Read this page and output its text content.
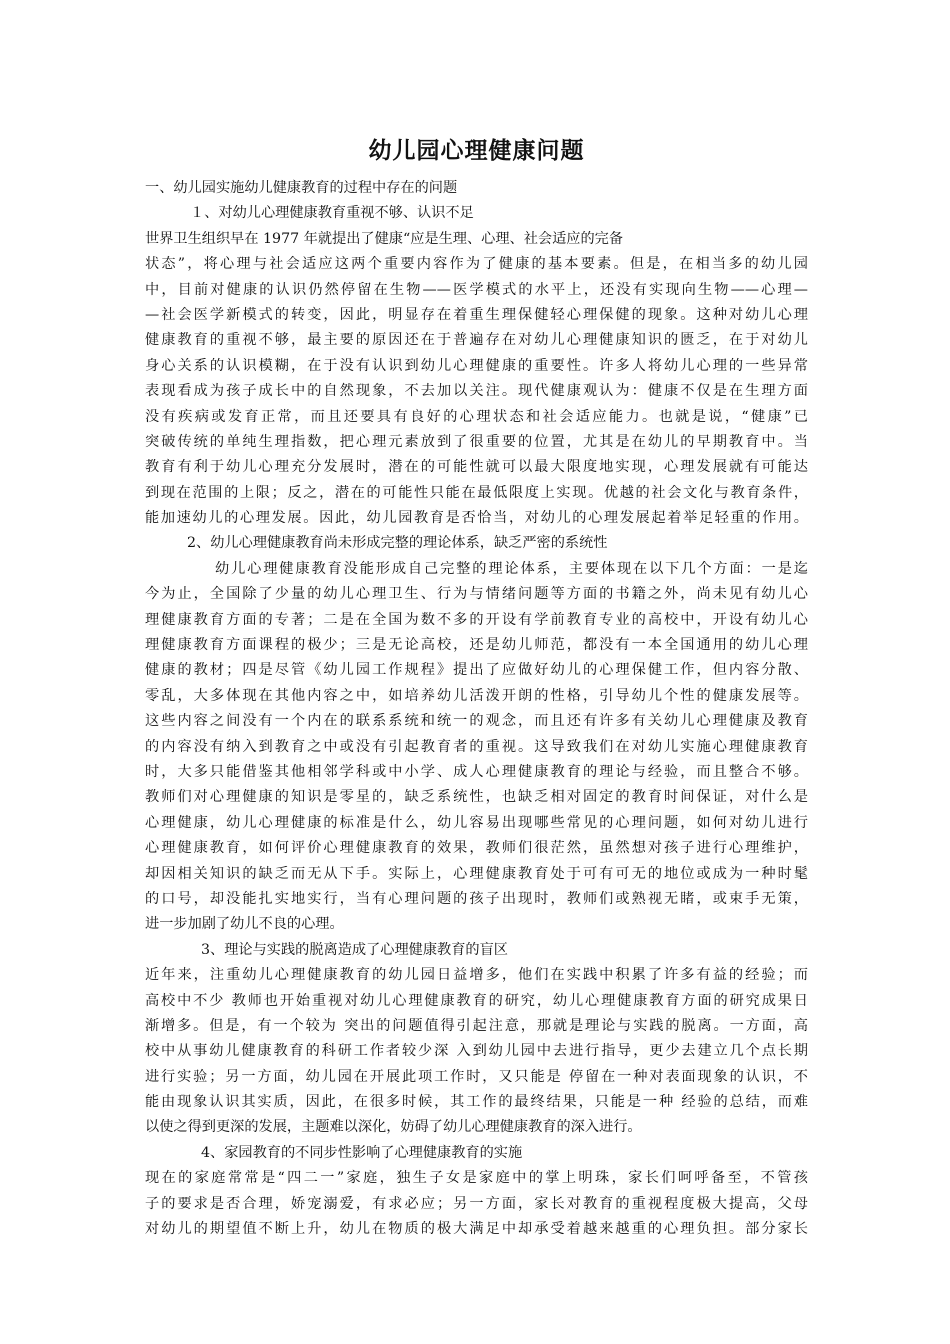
幼儿园心理健康问题
一、幼儿园实施幼儿健康教育的过程中存在的问题
１、对幼儿心理健康教育重视不够、认识不足
世界卫生组织早在 1977 年就提出了健康“应是生理、心理、社会适应的完备
状态”，将心理与社会适应这两个重要内容作为了健康的基本要素。但是，在相当多的幼儿园
中，目前对健康的认识仍然停留在生物——医学模式的水平上，还没有实现向生物——心理—
—社会医学新模式的转变，因此，明显存在着重生理保健轻心理保健的现象。这种对幼儿心理
健康教育的重视不够，最主要的原因还在于普遍存在对幼儿心理健康知识的匮乏，在于对幼儿
身心关系的认识模糊，在于没有认识到幼儿心理健康的重要性。许多人将幼儿心理的一些异常
表现看成为孩子成长中的自然现象，不去加以关注。现代健康观认为：健康不仅是在生理方面
没有疾病或发育正常，而且还要具有良好的心理状态和社会适应能力。也就是说，“健康”已
突破传统的单纯生理指数，把心理元素放到了很重要的位置，尤其是在幼儿的早期教育中。当
教育有利于幼儿心理充分发展时，潜在的可能性就可以最大限度地实现，心理发展就有可能达
到现在范围的上限；反之，潜在的可能性只能在最低限度上实现。优越的社会文化与教育条件，
能加速幼儿的心理发展。因此，幼儿园教育是否恰当，对幼儿的心理发展起着举足轻重的作用。
2、幼儿心理健康教育尚未形成完整的理论体系，缺乏严密的系统性
幼儿心理健康教育没能形成自己完整的理论体系，主要体现在以下几个方面：一是迄
今为止，全国除了少量的幼儿心理卫生、行为与情绪问题等方面的书籍之外，尚未见有幼儿心
理健康教育方面的专著；二是在全国为数不多的开设有学前教育专业的高校中，开设有幼儿心
理健康教育方面课程的极少；三是无论高校，还是幼儿师范，都没有一本全国通用的幼儿心理
健康的教材；四是尽管《幼儿园工作规程》提出了应做好幼儿的心理保健工作，但内容分散、
零乱，大多体现在其他内容之中，如培养幼儿活泼开朗的性格，引导幼儿个性的健康发展等。
这些内容之间没有一个内在的联系系统和统一的观念，而且还有许多有关幼儿心理健康及教育
的内容没有纳入到教育之中或没有引起教育者的重视。这导致我们在对幼儿实施心理健康教育
时，大多只能借鉴其他相邻学科或中小学、成人心理健康教育的理论与经验，而且整合不够。
教师们对心理健康的知识是零星的，缺乏系统性，也缺乏相对固定的教育时间保证，对什么是
心理健康，幼儿心理健康的标准是什么，幼儿容易出现哪些常见的心理问题，如何对幼儿进行
心理健康教育，如何评价心理健康教育的效果，教师们很茫然，虽然想对孩子进行心理维护，
却因相关知识的缺乏而无从下手。实际上，心理健康教育处于可有可无的地位或成为一种时髦
的口号，却没能扎实地实行，当有心理问题的孩子出现时，教师们或熟视无睹，或束手无策，
进一步加剧了幼儿不良的心理。
3、理论与实践的脱离造成了心理健康教育的盲区
近年来，注重幼儿心理健康教育的幼儿园日益增多，他们在实践中积累了许多有益的经验；而
高校中不少 教师也开始重视对幼儿心理健康教育的研究，幼儿心理健康教育方面的研究成果日
渐增多。但是，有一个较为 突出的问题值得引起注意，那就是理论与实践的脱离。一方面，高
校中从事幼儿健康教育的科研工作者较少深 入到幼儿园中去进行指导，更少去建立几个点长期
进行实验；另一方面，幼儿园在开展此项工作时，又只能是 停留在一种对表面现象的认识，不
能由现象认识其实质，因此，在很多时候，其工作的最终结果，只能是一种 经验的总结，而难
以使之得到更深的发展，主题难以深化，妨碍了幼儿心理健康教育的深入进行。
4、家园教育的不同步性影响了心理健康教育的实施
现在的家庭常常是“四二一”家庭，独生子女是家庭中的掌上明珠，家长们呵呼备至，不管孩
子的要求是否合理，娇宠溺爱，有求必应；另一方面，家长对教育的重视程度极大提高，父母
对幼儿的期望值不断上升，幼儿在物质的极大满足中却承受着越来越重的心理负担。部分家长
